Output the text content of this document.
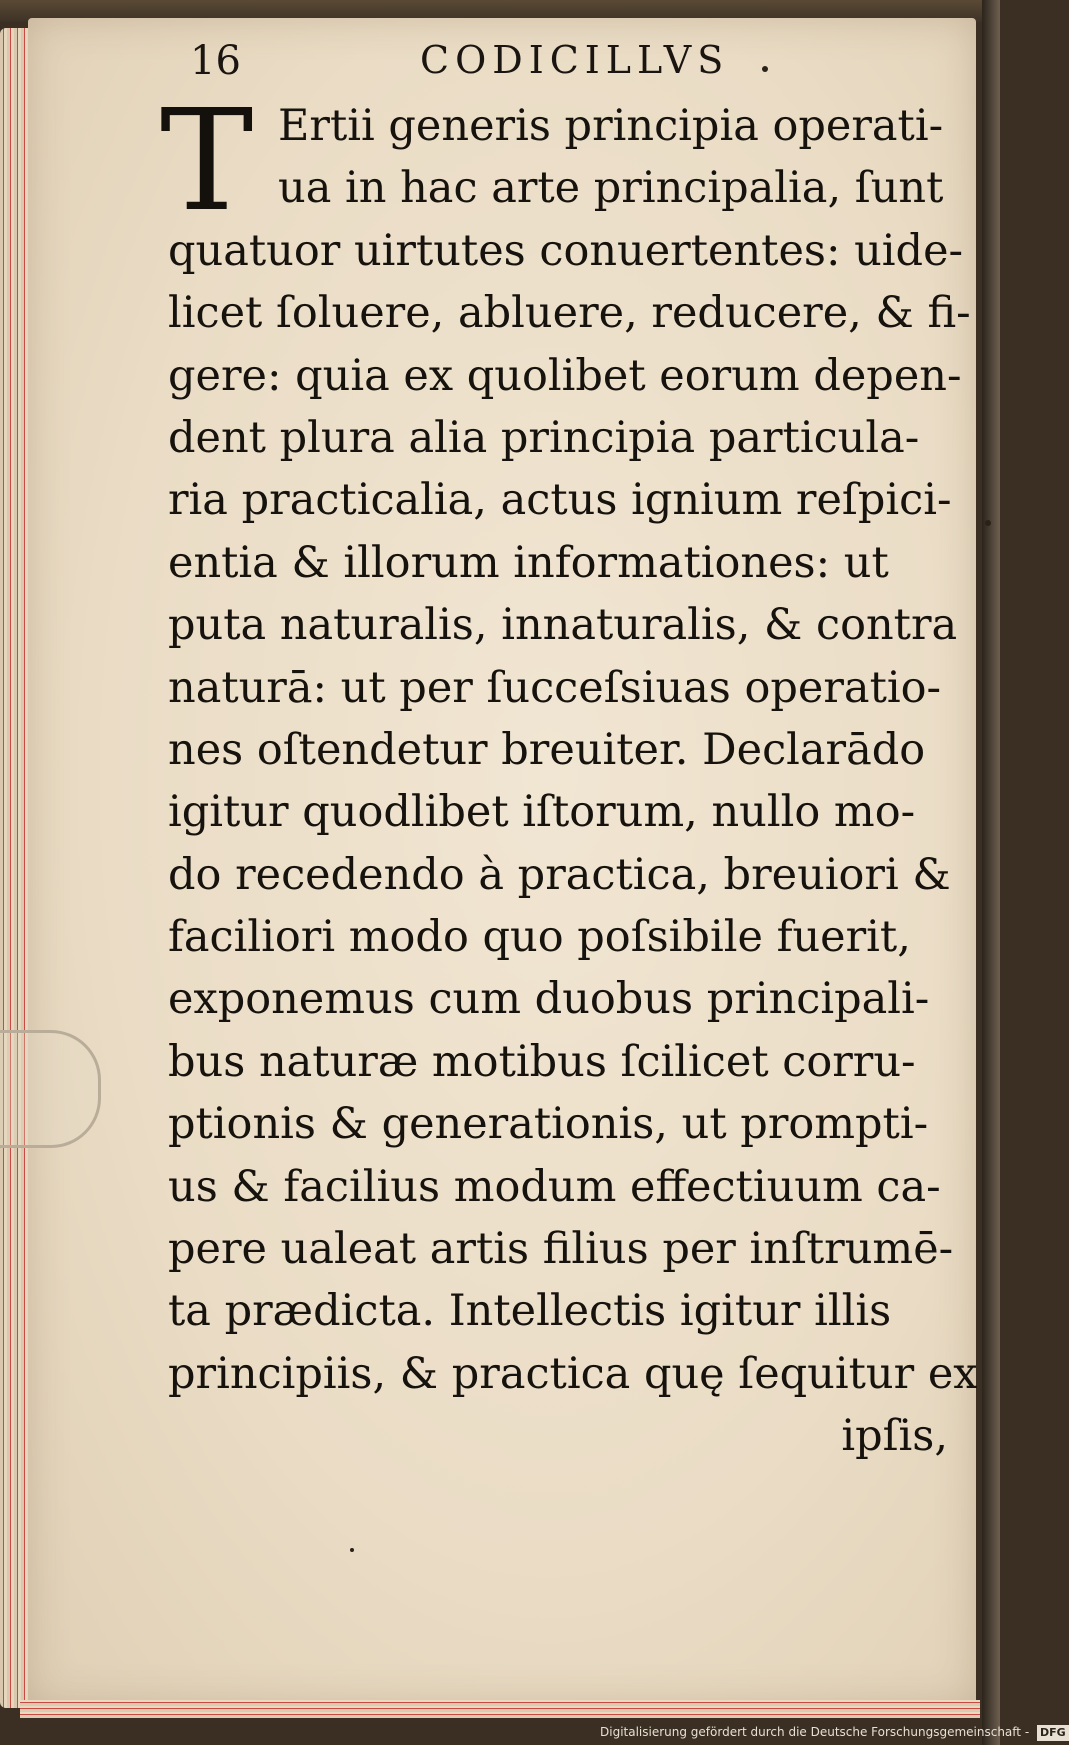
16	CODICILLVS
T Ertii generis principia operati-
ua in hac arte principalia, ſunt
quatuor uirtutes conuertentes: uide-
licet ſoluere, abluere, reducere, & fi-
gere: quia ex quolibet eorum depen-
dent plura alia principia particula-
ria practicalia, actus ignium reſpici-
entia & illorum informationes: ut
puta naturalis, innaturalis, & contra
naturā: ut per ſucceſsiuas operatio-
nes oſtendetur breuiter. Declarādo
igitur quodlibet iſtorum, nullo mo-
do recedendo à practica, breuiori &
faciliori modo quo poſsibile fuerit,
exponemus cum duobus principali-
bus naturæ motibus ſcilicet corru-
ptionis & generationis, ut prompti-
us & facilius modum effectiuum ca-
pere ualeat artis filius per inſtrumē-
ta prædicta. Intellectis igitur illis
principiis, & practica quę ſequitur ex
ipſis,
Digitalisierung gefördert durch die Deutsche Forschungsgemeinschaft - DFG
